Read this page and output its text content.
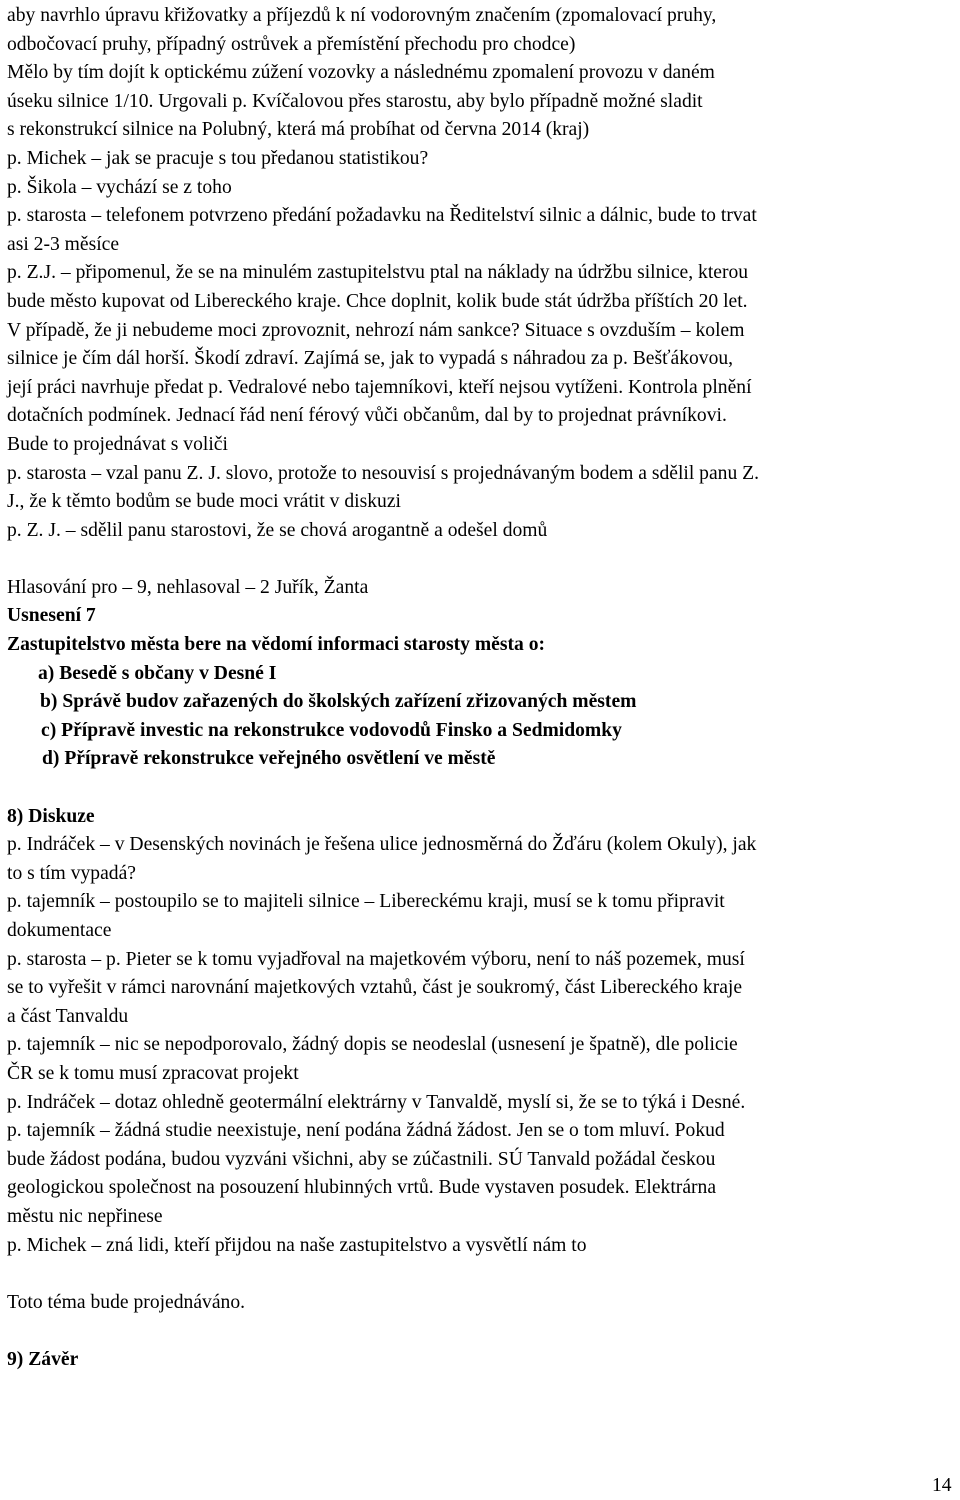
aby navrhlo úpravu křižovatky a příjezdů k ní vodorovným značením (zpomalovací pruhy,
odbočovací pruhy, případný ostrůvek a přemístění přechodu pro chodce)
Mělo by tím dojít k optickému zúžení vozovky a následnému zpomalení provozu v daném
úseku silnice 1/10. Urgovali p. Kvíčalovou přes starostu, aby bylo případně možné sladit
s rekonstrukcí silnice na Polubný, která má probíhat od června 2014 (kraj)
p. Michek – jak se pracuje s tou předanou statistikou?
p. Šikola – vychází se z toho
p. starosta – telefonem potvrzeno předání požadavku na Ředitelství silnic a dálnic, bude to trvat
asi 2-3 měsíce
p. Z.J. – připomenul, že se na minulém zastupitelstvu ptal na náklady na údržbu silnice, kterou
bude město kupovat od Libereckého kraje. Chce doplnit, kolik bude stát údržba příštích 20 let.
V případě, že ji nebudeme moci zprovoznit, nehrozí nám sankce? Situace s ovzduším – kolem
silnice je čím dál horší. Škodí zdraví. Zajímá se, jak to vypadá s náhradou za p. Bešťákovou,
její práci navrhuje předat p. Vedralové nebo tajemníkovi, kteří nejsou vytíženi. Kontrola plnění
dotačních podmínek. Jednací řád není férový vůči občanům, dal by to projednat právníkovi.
Bude to projednávat s voliči
p. starosta – vzal panu Z. J. slovo, protože to nesouvisí s projednávaným bodem a sdělil panu Z.
J., že k těmto bodům se bude moci vrátit v diskuzi
p. Z. J. – sdělil panu starostovi, že se chová arogantně a odešel domů
Hlasování pro – 9, nehlasoval – 2 Juřík, Žanta
Usnesení 7
Zastupitelstvo města bere na vědomí informaci starosty města o:
a) Besedě s občany v Desné I
b) Správě budov zařazených do školských zařízení zřizovaných městem
c) Přípravě investic na rekonstrukce vodovodů Finsko a Sedmidomky
d) Přípravě rekonstrukce veřejného osvětlení ve městě
8) Diskuze
p. Indráček – v Desenských novinách je řešena ulice jednosměrná do Žďáru (kolem Okuly), jak
to s tím vypadá?
p. tajemník – postoupilo se to majiteli silnice – Libereckému kraji, musí se k tomu připravit
dokumentace
p. starosta – p. Pieter se k tomu vyjadřoval na majetkovém výboru, není to náš pozemek, musí
se to vyřešit v rámci narovnání majetkových vztahů, část je soukromý, část Libereckého kraje
a část Tanvaldu
p. tajemník – nic se nepodporovalo, žádný dopis se neodeslal (usnesení je špatně), dle policie
ČR se k tomu musí zpracovat projekt
p. Indráček – dotaz ohledně geotermální elektrárny v Tanvaldě, myslí si, že se to týká i Desné.
p. tajemník – žádná studie neexistuje, není podána žádná žádost. Jen se o tom mluví. Pokud
bude žádost podána, budou vyzváni všichni, aby se zúčastnili. SÚ Tanvald požádal českou
geologickou společnost na posouzení hlubinných vrtů. Bude vystaven posudek. Elektrárna
městu nic nepřinese
p. Michek – zná lidi, kteří přijdou na naše zastupitelstvo a vysvětlí nám to
Toto téma bude projednáváno.
9) Závěr
14
